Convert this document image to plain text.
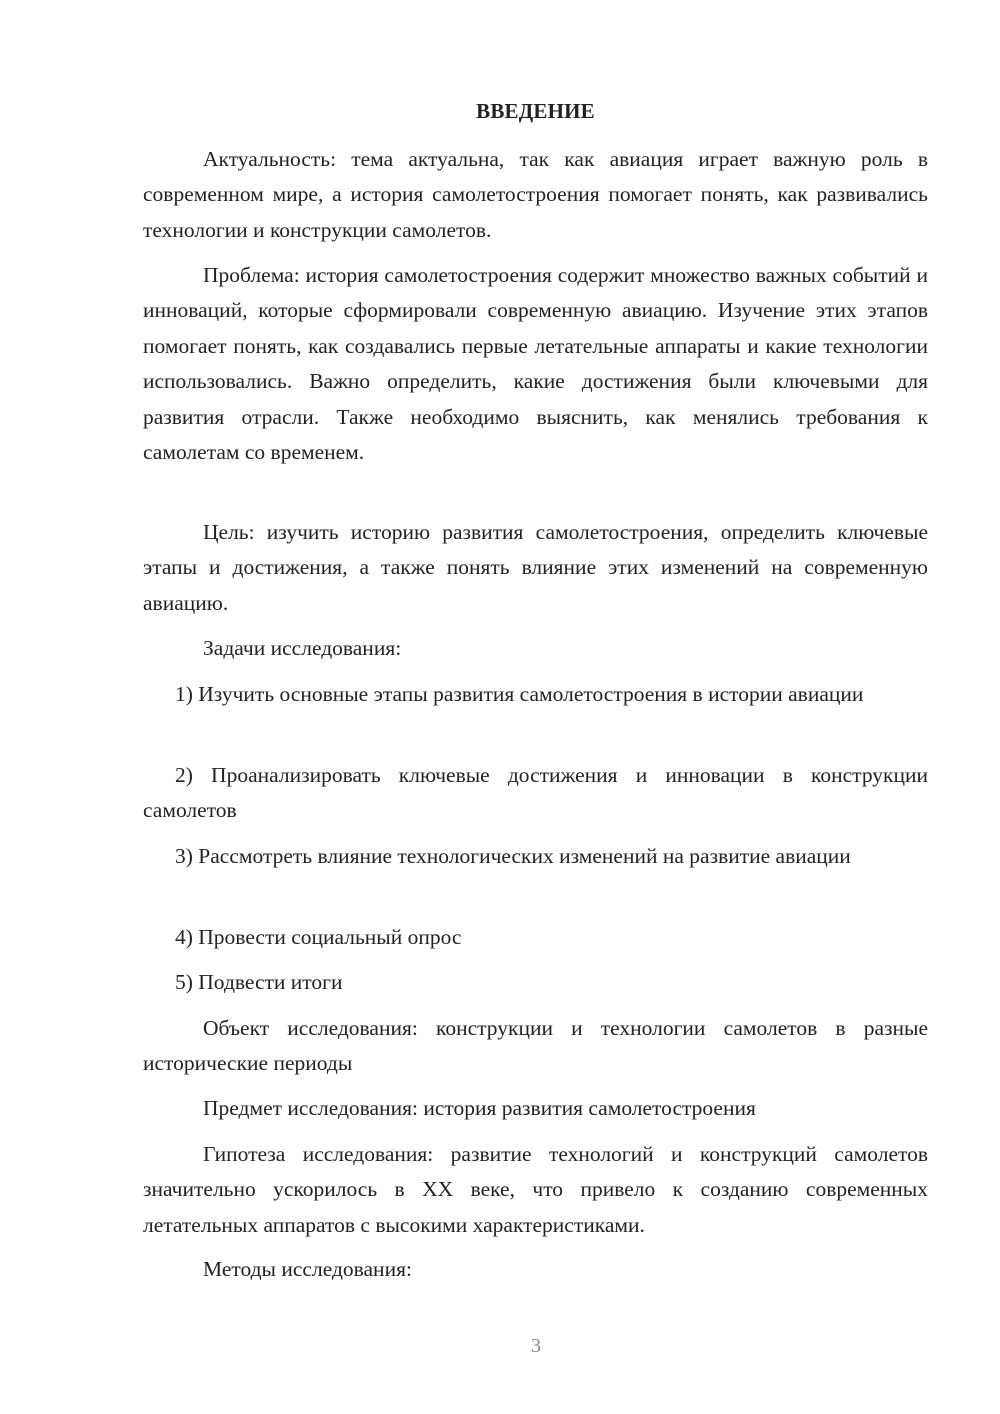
ВВЕДЕНИЕ

Актуальность: тема актуальна, так как авиация играет важную роль в современном мире, а история самолетостроения помогает понять, как развивались технологии и конструкции самолетов.

Проблема: история самолетостроения содержит множество важных событий и инноваций, которые сформировали современную авиацию. Изучение этих этапов помогает понять, как создавались первые летательные аппараты и какие технологии использовались. Важно определить, какие достижения были ключевыми для развития отрасли. Также необходимо выяснить, как менялись требования к самолетам со временем.

Цель: изучить историю развития самолетостроения, определить ключевые этапы и достижения, а также понять влияние этих изменений на современную авиацию.

Задачи исследования:

1) Изучить основные этапы развития самолетостроения в истории авиации

2) Проанализировать ключевые достижения и инновации в конструкции самолетов

3) Рассмотреть влияние технологических изменений на развитие авиации

4) Провести социальный опрос

5) Подвести итоги

Объект исследования: конструкции и технологии самолетов в разные исторические периоды

Предмет исследования: история развития самолетостроения

Гипотеза исследования: развитие технологий и конструкций самолетов значительно ускорилось в XX веке, что привело к созданию современных летательных аппаратов с высокими характеристиками.

Методы исследования:

3
